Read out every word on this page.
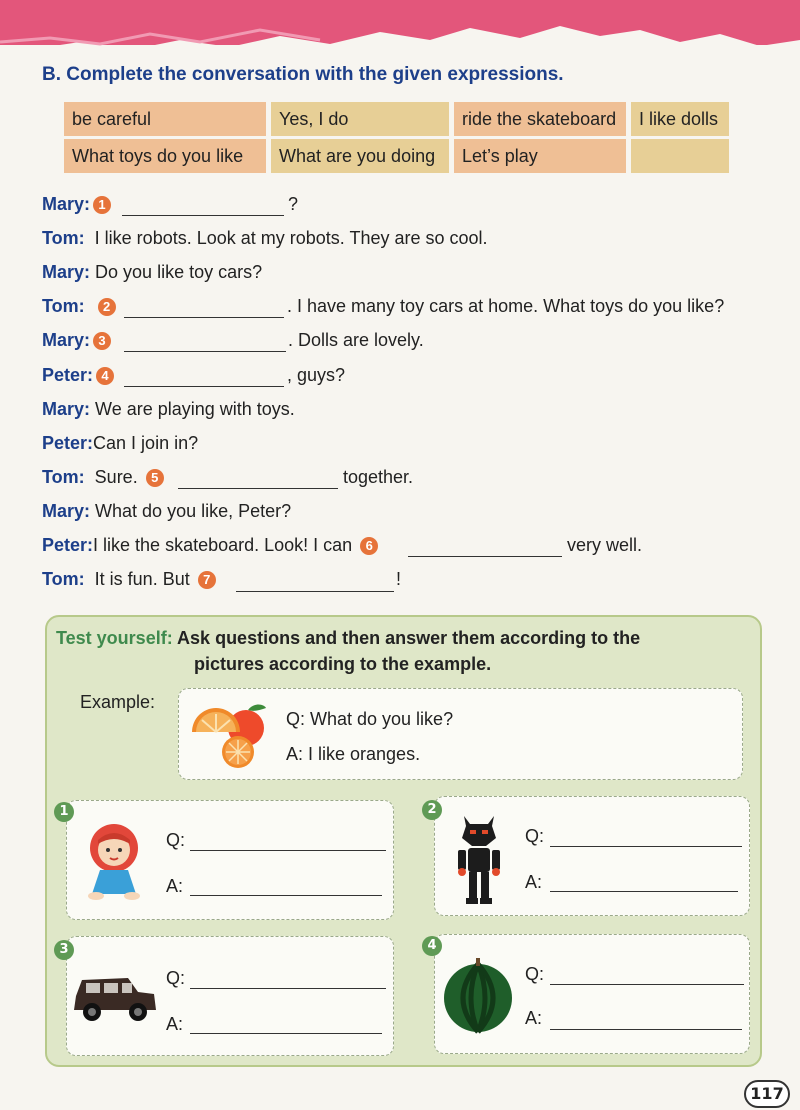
B. Complete the conversation with the given expressions.
be careful	Yes, I do	ride the skateboard	I like dolls
What toys do you like	What are you doing	Let’s play
Mary: 1	?
Tom: I like robots. Look at my robots. They are so cool.
Mary: Do you like toy cars?
Tom: 2	. I have many toy cars at home. What toys do you like?
Mary: 3	. Dolls are lovely.
Peter: 4	, guys?
Mary: We are playing with toys.
Peter:Can I join in?
Tom: Sure. 5	together.
Mary: What do you like, Peter?
Peter:I like the skateboard. Look! I can 6	very well.
Tom: It is fun. But 7	!
Test yourself: Ask questions and then answer them according to the
pictures according to the example.
Example:
Q: What do you like?
A: I like oranges.
1
Q:
A:
2
Q:
A:
3
Q:
A:
4
Q:
A:
117
